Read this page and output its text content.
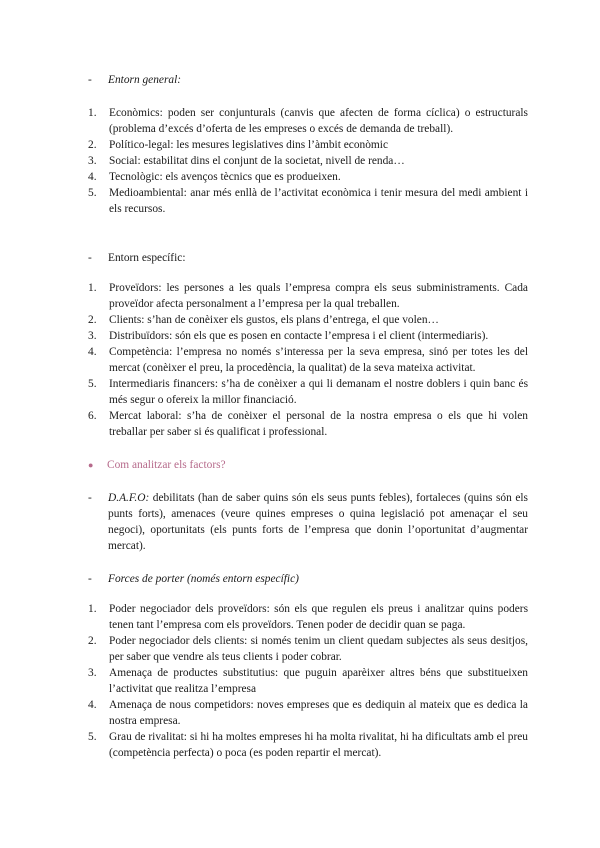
- Entorn general:
1. Econòmics: poden ser conjunturals (canvis que afecten de forma cíclica) o estructurals (problema d’excés d’oferta de les empreses o excés de demanda de treball).
2. Político-legal: les mesures legislatives dins l’àmbit econòmic
3. Social: estabilitat dins el conjunt de la societat, nivell de renda…
4. Tecnològic: els avenços tècnics que es produeixen.
5. Medioambiental: anar més enllà de l’activitat econòmica i tenir mesura del medi ambient i els recursos.
- Entorn específic:
1. Proveïdors: les persones a les quals l’empresa compra els seus subministraments. Cada proveïdor afecta personalment a l’empresa per la qual treballen.
2. Clients: s’han de conèixer els gustos, els plans d’entrega, el que volen…
3. Distribuïdors: són els que es posen en contacte l’empresa i el client (intermediaris).
4. Competència: l’empresa no només s’interessa per la seva empresa, sinó per totes les del mercat (conèixer el preu, la procedència, la qualitat) de la seva mateixa activitat.
5. Intermediaris financers: s’ha de conèixer a qui li demanam el nostre doblers i quin banc és més segur o ofereix la millor financiació.
6. Mercat laboral: s’ha de conèixer el personal de la nostra empresa o els que hi volen treballar per saber si és qualificat i professional.
● Com analitzar els factors?
- D.A.F.O: debilitats (han de saber quins són els seus punts febles), fortaleces (quins són els punts forts), amenaces (veure quines empreses o quina legislació pot amenaçar el seu negoci), oportunitats (els punts forts de l’empresa que donin l’oportunitat d’augmentar mercat).
- Forces de porter (només entorn específic)
1. Poder negociador dels proveïdors: són els que regulen els preus i analitzar quins poders tenen tant l’empresa com els proveïdors. Tenen poder de decidir quan se paga.
2. Poder negociador dels clients: si només tenim un client quedam subjectes als seus desitjos, per saber que vendre als teus clients i poder cobrar.
3. Amenaça de productes substitutius: que puguin aparèixer altres béns que substitueixen l’activitat que realitza l’empresa
4. Amenaça de nous competidors: noves empreses que es dediquin al mateix que es dedica la nostra empresa.
5. Grau de rivalitat: si hi ha moltes empreses hi ha molta rivalitat, hi ha dificultats amb el preu (competència perfecta) o poca (es poden repartir el mercat).
